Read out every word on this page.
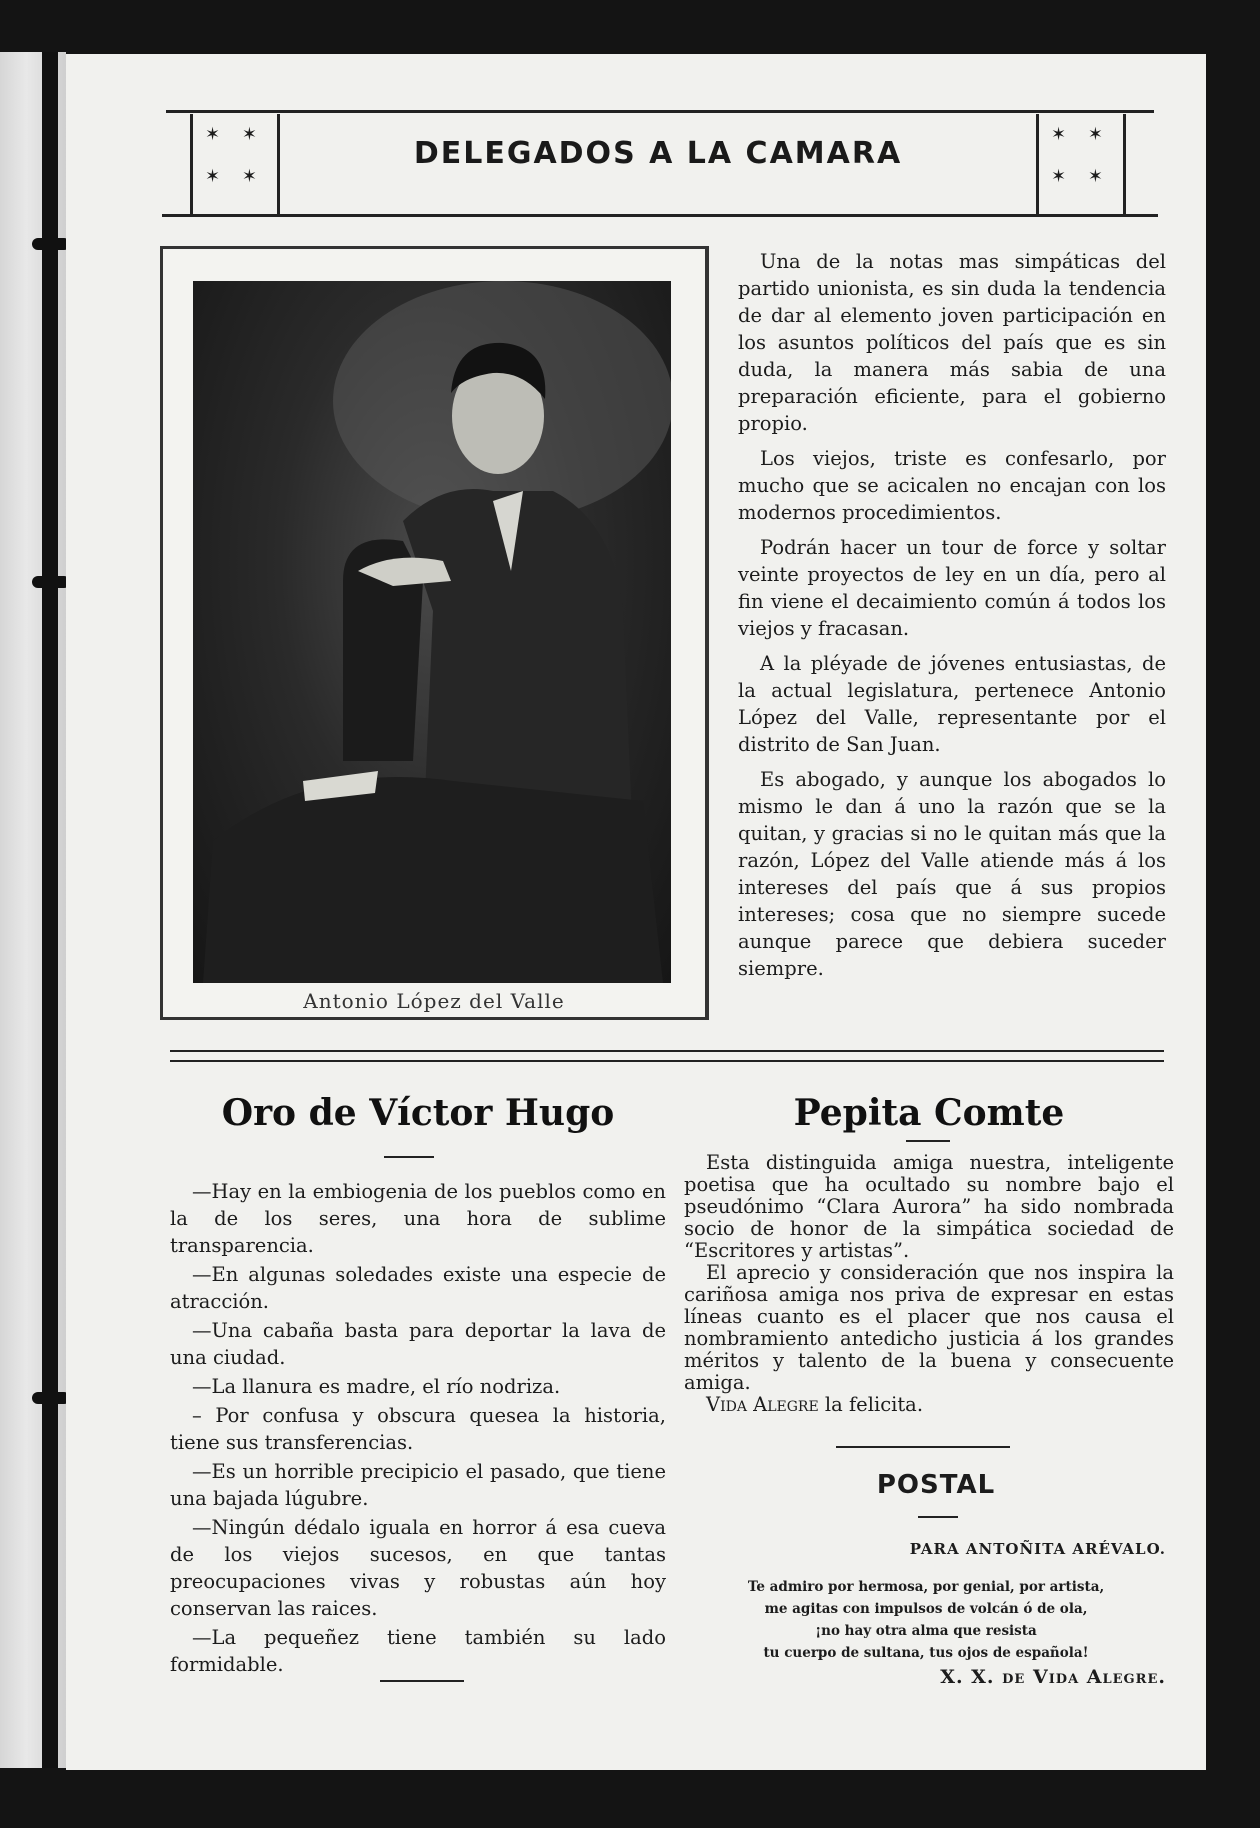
✶ ✶
✶ ✶
DELEGADOS A LA CAMARA
✶ ✶
✶ ✶
Antonio López del Valle

Una de la notas mas simpáticas del partido unionista, es sin duda la tendencia de dar al elemento joven participación en los asuntos políticos del país que es sin duda, la manera más sabia de una preparación eficiente, para el gobierno propio.

Los viejos, triste es confesarlo, por mucho que se acicalen no encajan con los modernos procedimientos.

Podrán hacer un tour de force y soltar veinte proyectos de ley en un día, pero al fin viene el decaimiento común á todos los viejos y fracasan.

A la pléyade de jóvenes entusiastas, de la actual legislatura, pertenece Antonio López del Valle, representante por el distrito de San Juan.

Es abogado, y aunque los abogados lo mismo le dan á uno la razón que se la quitan, y gracias si no le quitan más que la razón, López del Valle atiende más á los intereses del país que á sus propios intereses; cosa que no siempre sucede aunque parece que debiera suceder siempre.

Oro de Víctor Hugo

—Hay en la embiogenia de los pueblos como en la de los seres, una hora de sublime transparencia.

—En algunas soledades existe una especie de atracción.

—Una cabaña basta para deportar la lava de una ciudad.

—La llanura es madre, el río nodriza.

– Por confusa y obscura quesea la historia, tiene sus transferencias.

—Es un horrible precipicio el pasado, que tiene una bajada lúgubre.

—Ningún dédalo iguala en horror á esa cueva de los viejos sucesos, en que tantas preocupaciones vivas y robustas aún hoy conservan las raices.

—La pequeñez tiene también su lado formidable.

Pepita Comte

Esta distinguida amiga nuestra, inteligente poetisa que ha ocultado su nombre bajo el pseudónimo “Clara Aurora” ha sido nombrada socio de honor de la simpática sociedad de “Escritores y artistas”.

El aprecio y consideración que nos inspira la cariñosa amiga nos priva de expresar en estas líneas cuanto es el placer que nos causa el nombramiento antedicho justicia á los grandes méritos y talento de la buena y consecuente amiga.

Vida Alegre la felicita.

POSTAL
PARA ANTOÑITA ARÉVALO.
Te admiro por hermosa, por genial, por artista,
me agitas con impulsos de volcán ó de ola,
¡no hay otra alma que resista
tu cuerpo de sultana, tus ojos de española!
X. X. de Vida Alegre.
